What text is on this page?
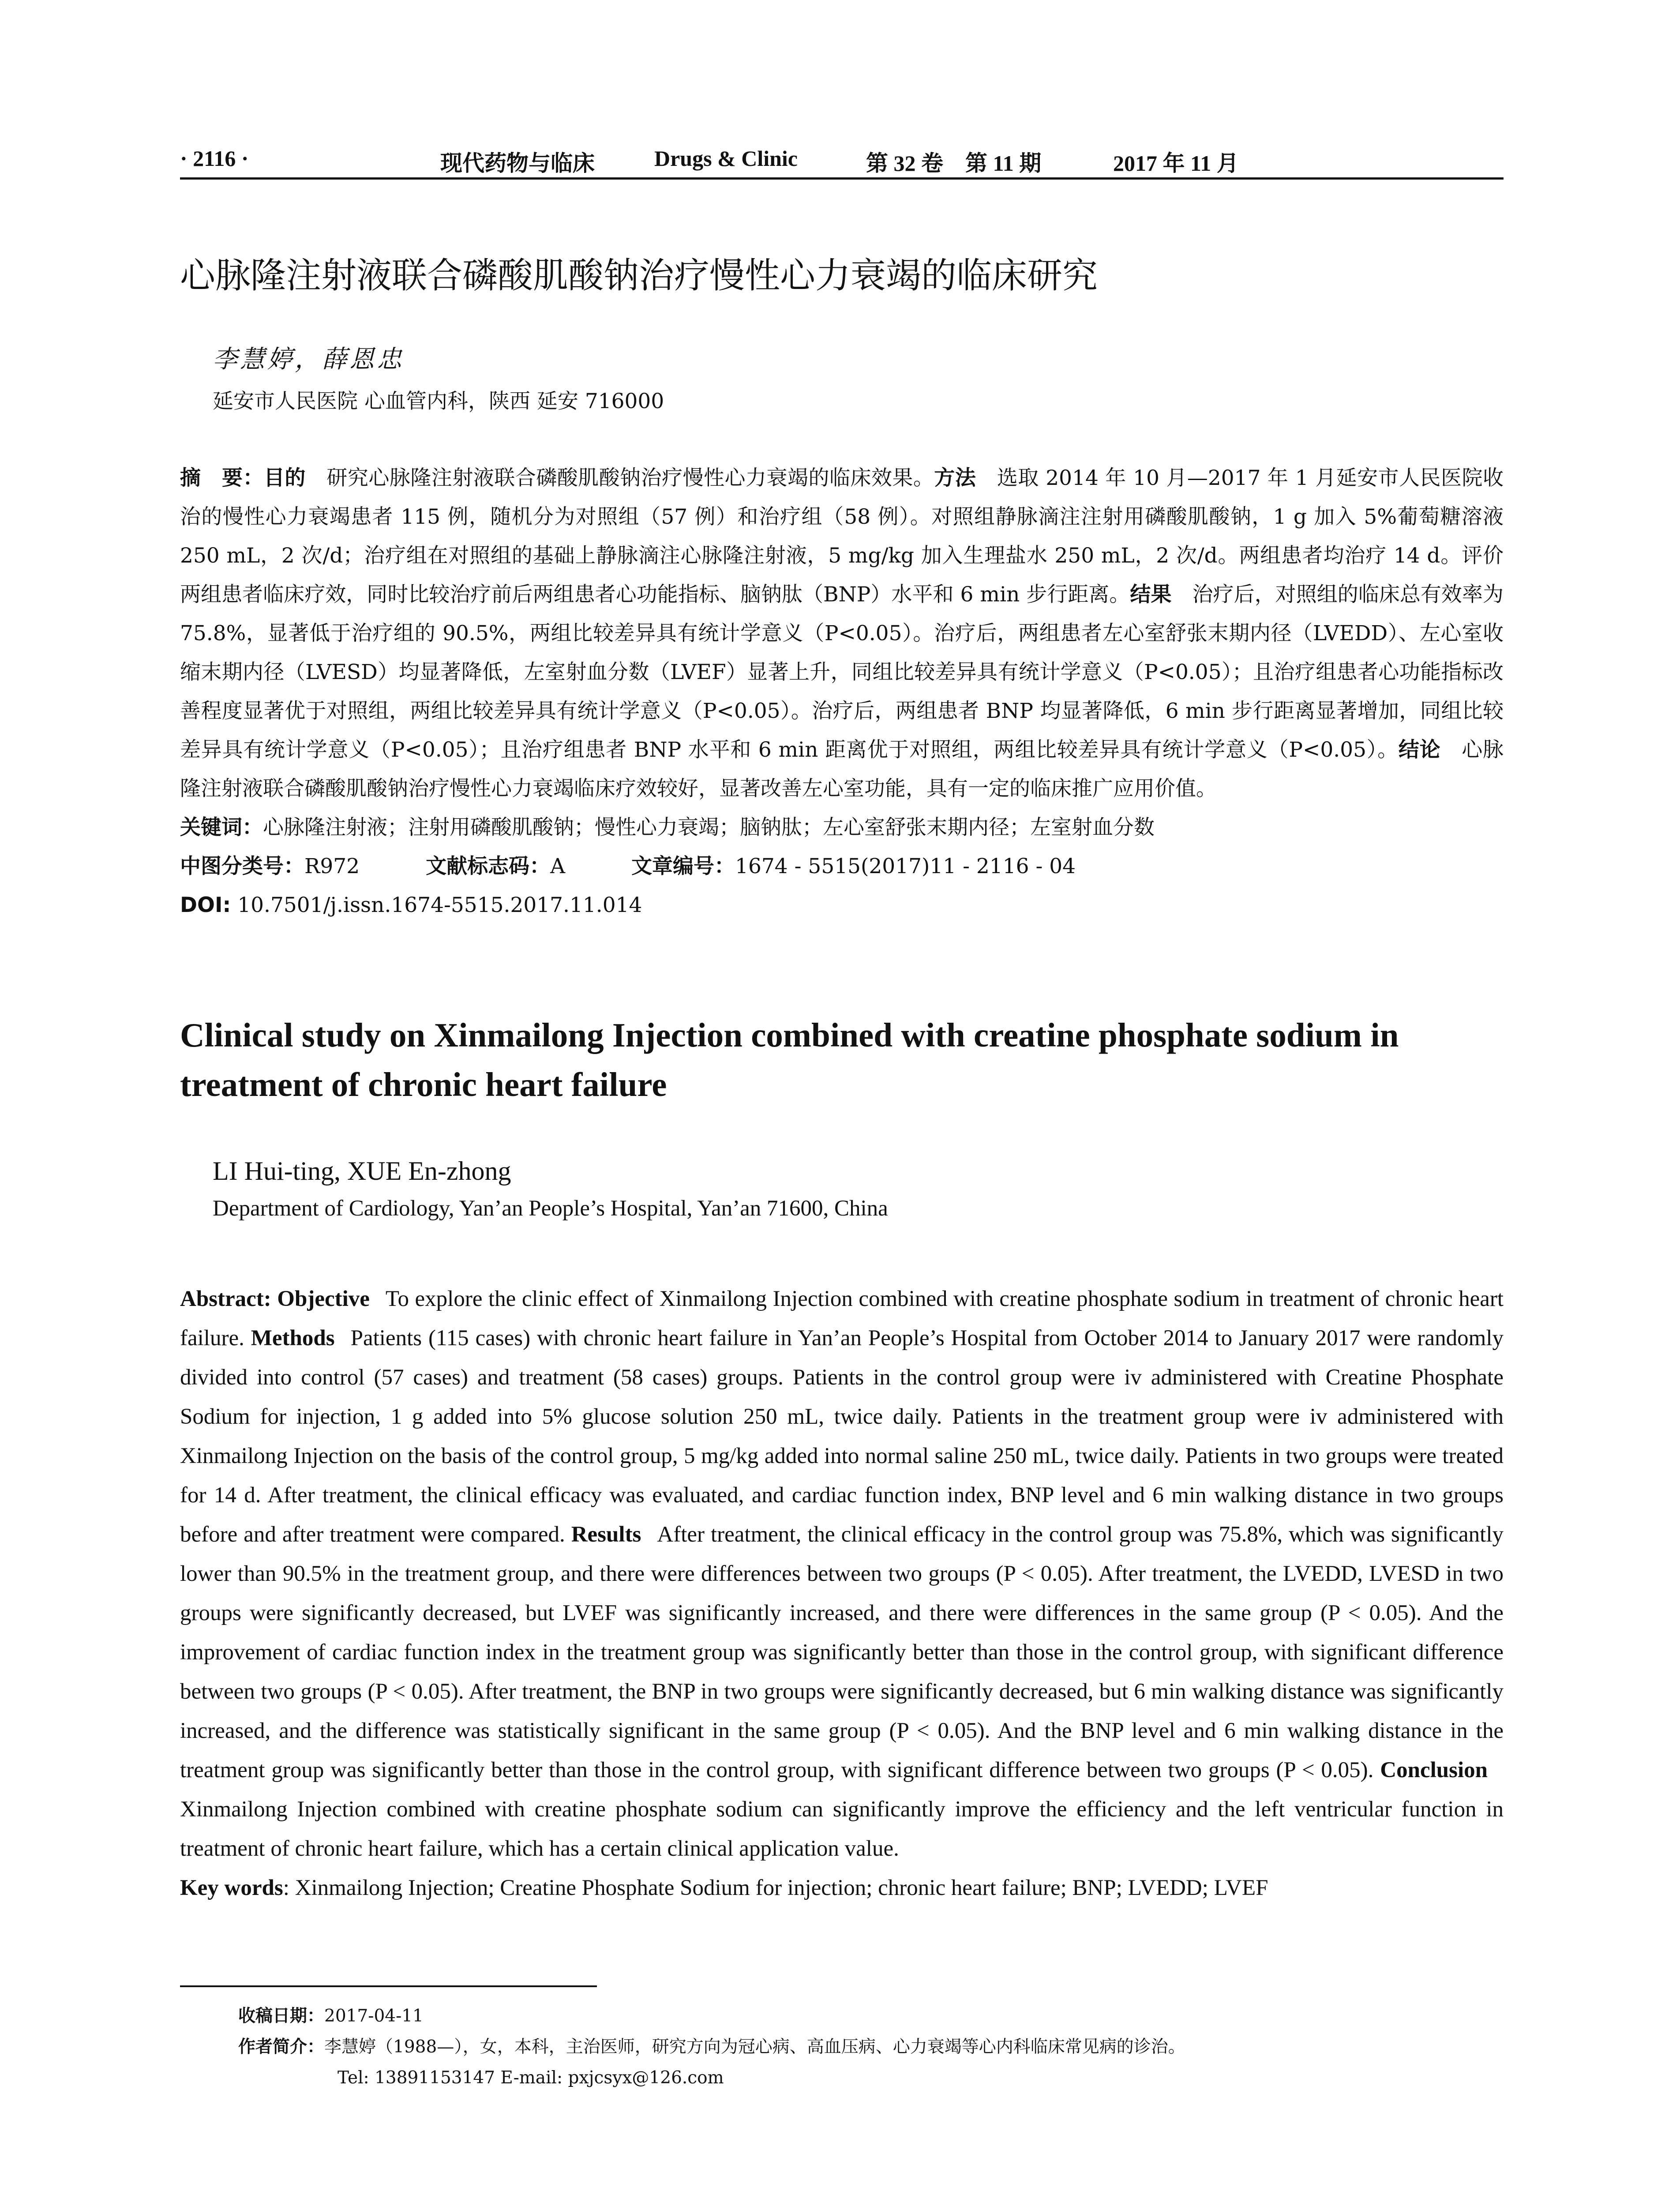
· 2116 ·	现代药物与临床	Drugs & Clinic	第 32 卷　第 11 期	2017 年 11 月
心脉隆注射液联合磷酸肌酸钠治疗慢性心力衰竭的临床研究
李慧婷，薛恩忠
延安市人民医院 心血管内科，陕西 延安 716000

摘　要：目的　研究心脉隆注射液联合磷酸肌酸钠治疗慢性心力衰竭的临床效果。方法　选取 2014 年 10 月—2017 年 1 月延安市人民医院收治的慢性心力衰竭患者 115 例，随机分为对照组（57 例）和治疗组（58 例）。对照组静脉滴注注射用磷酸肌酸钠，1 g 加入 5%葡萄糖溶液 250 mL，2 次/d；治疗组在对照组的基础上静脉滴注心脉隆注射液，5 mg/kg 加入生理盐水 250 mL，2 次/d。两组患者均治疗 14 d。评价两组患者临床疗效，同时比较治疗前后两组患者心功能指标、脑钠肽（BNP）水平和 6 min 步行距离。结果　治疗后，对照组的临床总有效率为 75.8%，显著低于治疗组的 90.5%，两组比较差异具有统计学意义（P<0.05）。治疗后，两组患者左心室舒张末期内径（LVEDD）、左心室收缩末期内径（LVESD）均显著降低，左室射血分数（LVEF）显著上升，同组比较差异具有统计学意义（P<0.05）；且治疗组患者心功能指标改善程度显著优于对照组，两组比较差异具有统计学意义（P<0.05）。治疗后，两组患者 BNP 均显著降低，6 min 步行距离显著增加，同组比较差异具有统计学意义（P<0.05）；且治疗组患者 BNP 水平和 6 min 距离优于对照组，两组比较差异具有统计学意义（P<0.05）。结论　心脉隆注射液联合磷酸肌酸钠治疗慢性心力衰竭临床疗效较好，显著改善左心室功能，具有一定的临床推广应用价值。

关键词：心脉隆注射液；注射用磷酸肌酸钠；慢性心力衰竭；脑钠肽；左心室舒张末期内径；左室射血分数

中图分类号：R972	文献标志码：A	文章编号：1674 - 5515(2017)11 - 2116 - 04

DOI: 10.7501/j.issn.1674-5515.2017.11.014

Clinical study on Xinmailong Injection combined with creatine phosphate sodium in treatment of chronic heart failure
LI Hui-ting, XUE En-zhong
Department of Cardiology, Yan’an People’s Hospital, Yan’an 71600, China

Abstract: Objective To explore the clinic effect of Xinmailong Injection combined with creatine phosphate sodium in treatment of chronic heart failure. Methods Patients (115 cases) with chronic heart failure in Yan’an People’s Hospital from October 2014 to January 2017 were randomly divided into control (57 cases) and treatment (58 cases) groups. Patients in the control group were iv administered with Creatine Phosphate Sodium for injection, 1 g added into 5% glucose solution 250 mL, twice daily. Patients in the treatment group were iv administered with Xinmailong Injection on the basis of the control group, 5 mg/kg added into normal saline 250 mL, twice daily. Patients in two groups were treated for 14 d. After treatment, the clinical efficacy was evaluated, and cardiac function index, BNP level and 6 min walking distance in two groups before and after treatment were compared. Results After treatment, the clinical efficacy in the control group was 75.8%, which was significantly lower than 90.5% in the treatment group, and there were differences between two groups (P < 0.05). After treatment, the LVEDD, LVESD in two groups were significantly decreased, but LVEF was significantly increased, and there were differences in the same group (P < 0.05). And the improvement of cardiac function index in the treatment group was significantly better than those in the control group, with significant difference between two groups (P < 0.05). After treatment, the BNP in two groups were significantly decreased, but 6 min walking distance was significantly increased, and the difference was statistically significant in the same group (P < 0.05). And the BNP level and 6 min walking distance in the treatment group was significantly better than those in the control group, with significant difference between two groups (P < 0.05). ConclusionXinmailong Injection combined with creatine phosphate sodium can significantly improve the efficiency and the left ventricular function in treatment of chronic heart failure, which has a certain clinical application value.

Key words: Xinmailong Injection; Creatine Phosphate Sodium for injection; chronic heart failure; BNP; LVEDD; LVEF

收稿日期：2017-04-11
作者简介：李慧婷（1988—），女，本科，主治医师，研究方向为冠心病、高血压病、心力衰竭等心内科临床常见病的诊治。
Tel: 13891153147 E-mail: pxjcsyx@126.com
